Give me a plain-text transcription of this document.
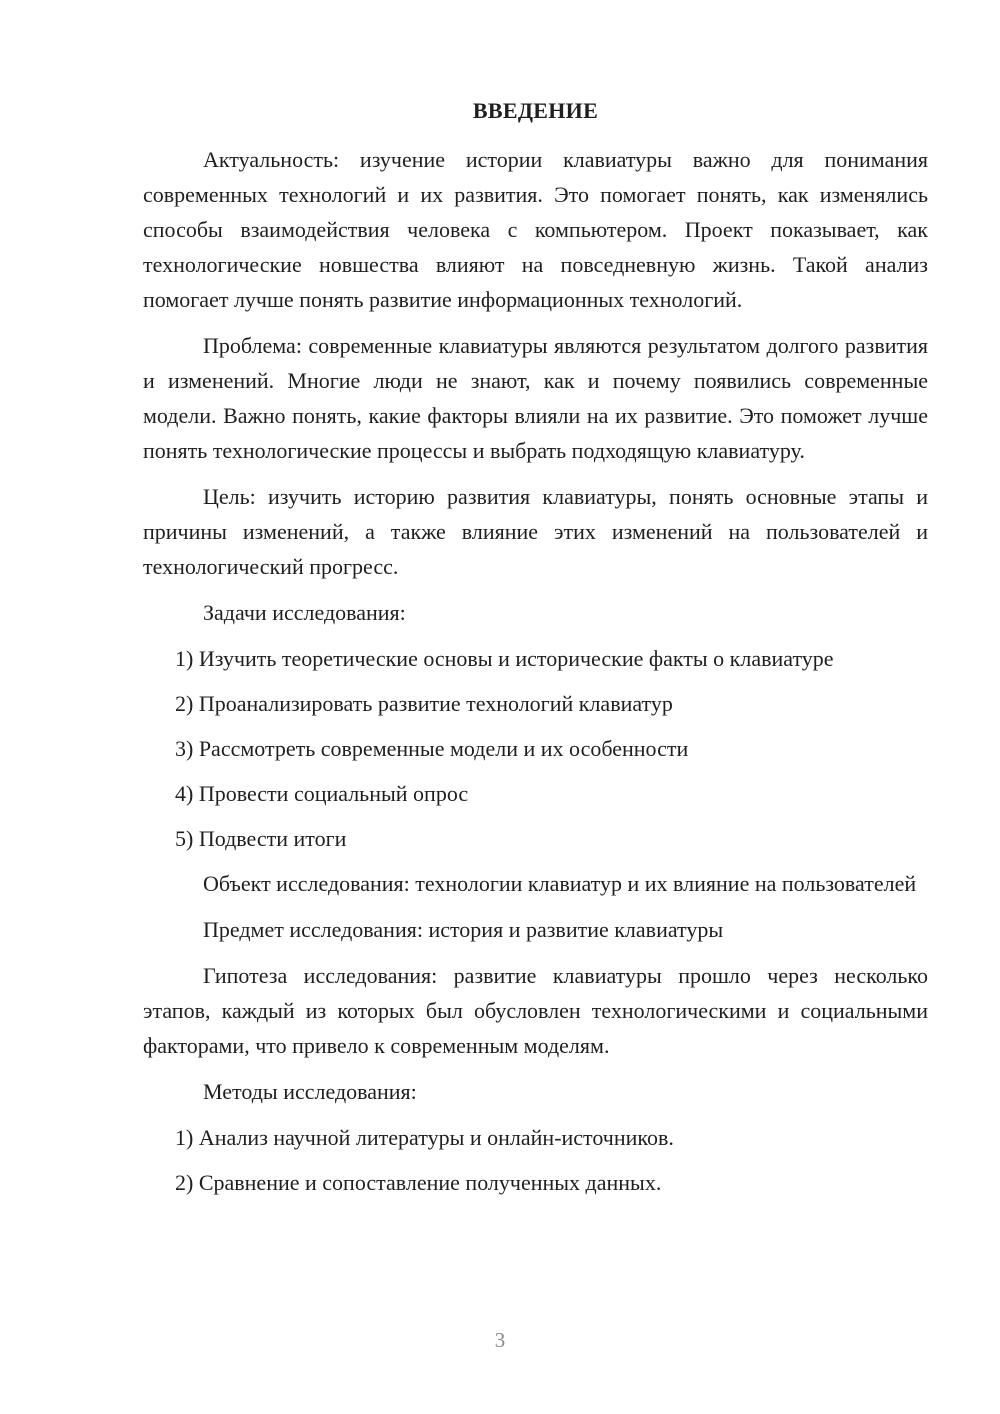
ВВЕДЕНИЕ

Актуальность: изучение истории клавиатуры важно для понимания современных технологий и их развития. Это помогает понять, как изменялись способы взаимодействия человека с компьютером. Проект показывает, как технологические новшества влияют на повседневную жизнь. Такой анализ помогает лучше понять развитие информационных технологий.

Проблема: современные клавиатуры являются результатом долгого развития и изменений. Многие люди не знают, как и почему появились современные модели. Важно понять, какие факторы влияли на их развитие. Это поможет лучше понять технологические процессы и выбрать подходящую клавиатуру.

Цель: изучить историю развития клавиатуры, понять основные этапы и причины изменений, а также влияние этих изменений на пользователей и технологический прогресс.

Задачи исследования:

1) Изучить теоретические основы и исторические факты о клавиатуре

2) Проанализировать развитие технологий клавиатур

3) Рассмотреть современные модели и их особенности

4) Провести социальный опрос

5) Подвести итоги

Объект исследования: технологии клавиатур и их влияние на пользователей

Предмет исследования: история и развитие клавиатуры

Гипотеза исследования: развитие клавиатуры прошло через несколько этапов, каждый из которых был обусловлен технологическими и социальными факторами, что привело к современным моделям.

Методы исследования:

1) Анализ научной литературы и онлайн-источников.

2) Сравнение и сопоставление полученных данных.

3
